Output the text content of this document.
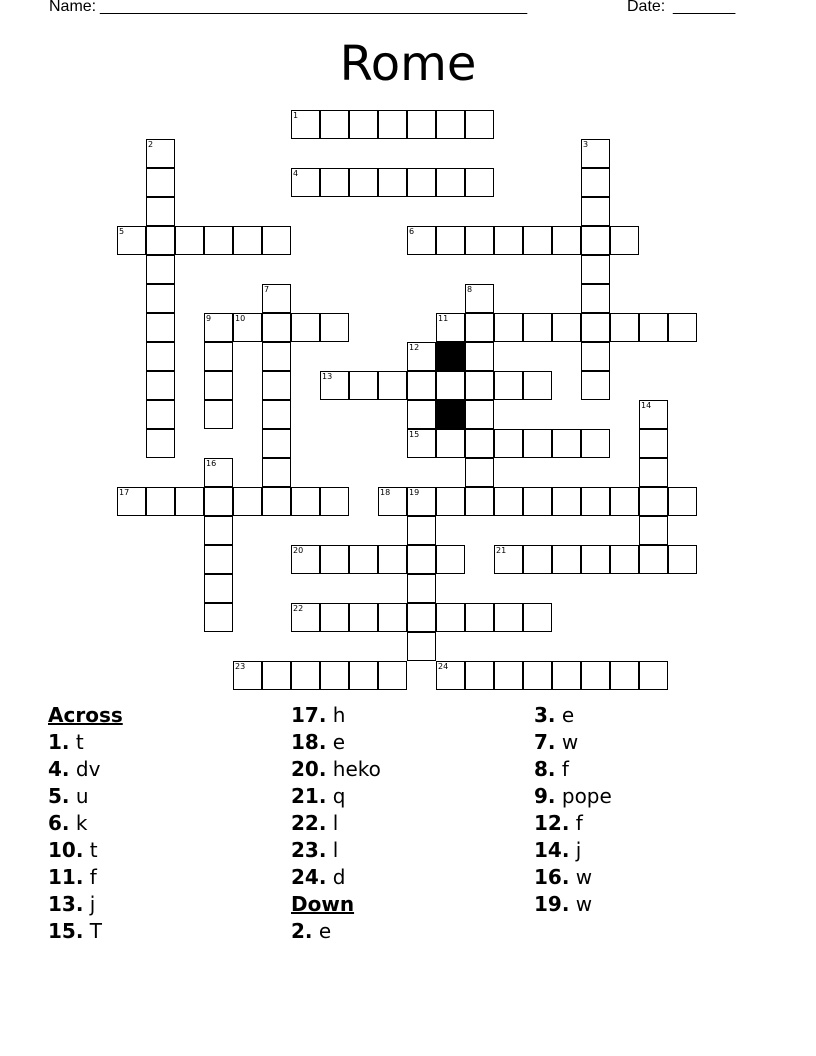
Name:

________________________________________________

	Date:

_______

Rome
1
2	3
4
5	6
7	8
9	10	11
12
13
14
15
16
17	18 19
20	21
22
23	24
Across
1. t
4. dv
5. u
6. k
10. t
11. f
13. j
15. T
17. h
18. e
20. heko
21. q
22. l
23. l
24. d
Down
2. e
3. e
7. w
8. f
9. pope
12. f
14. j
16. w
19. w
